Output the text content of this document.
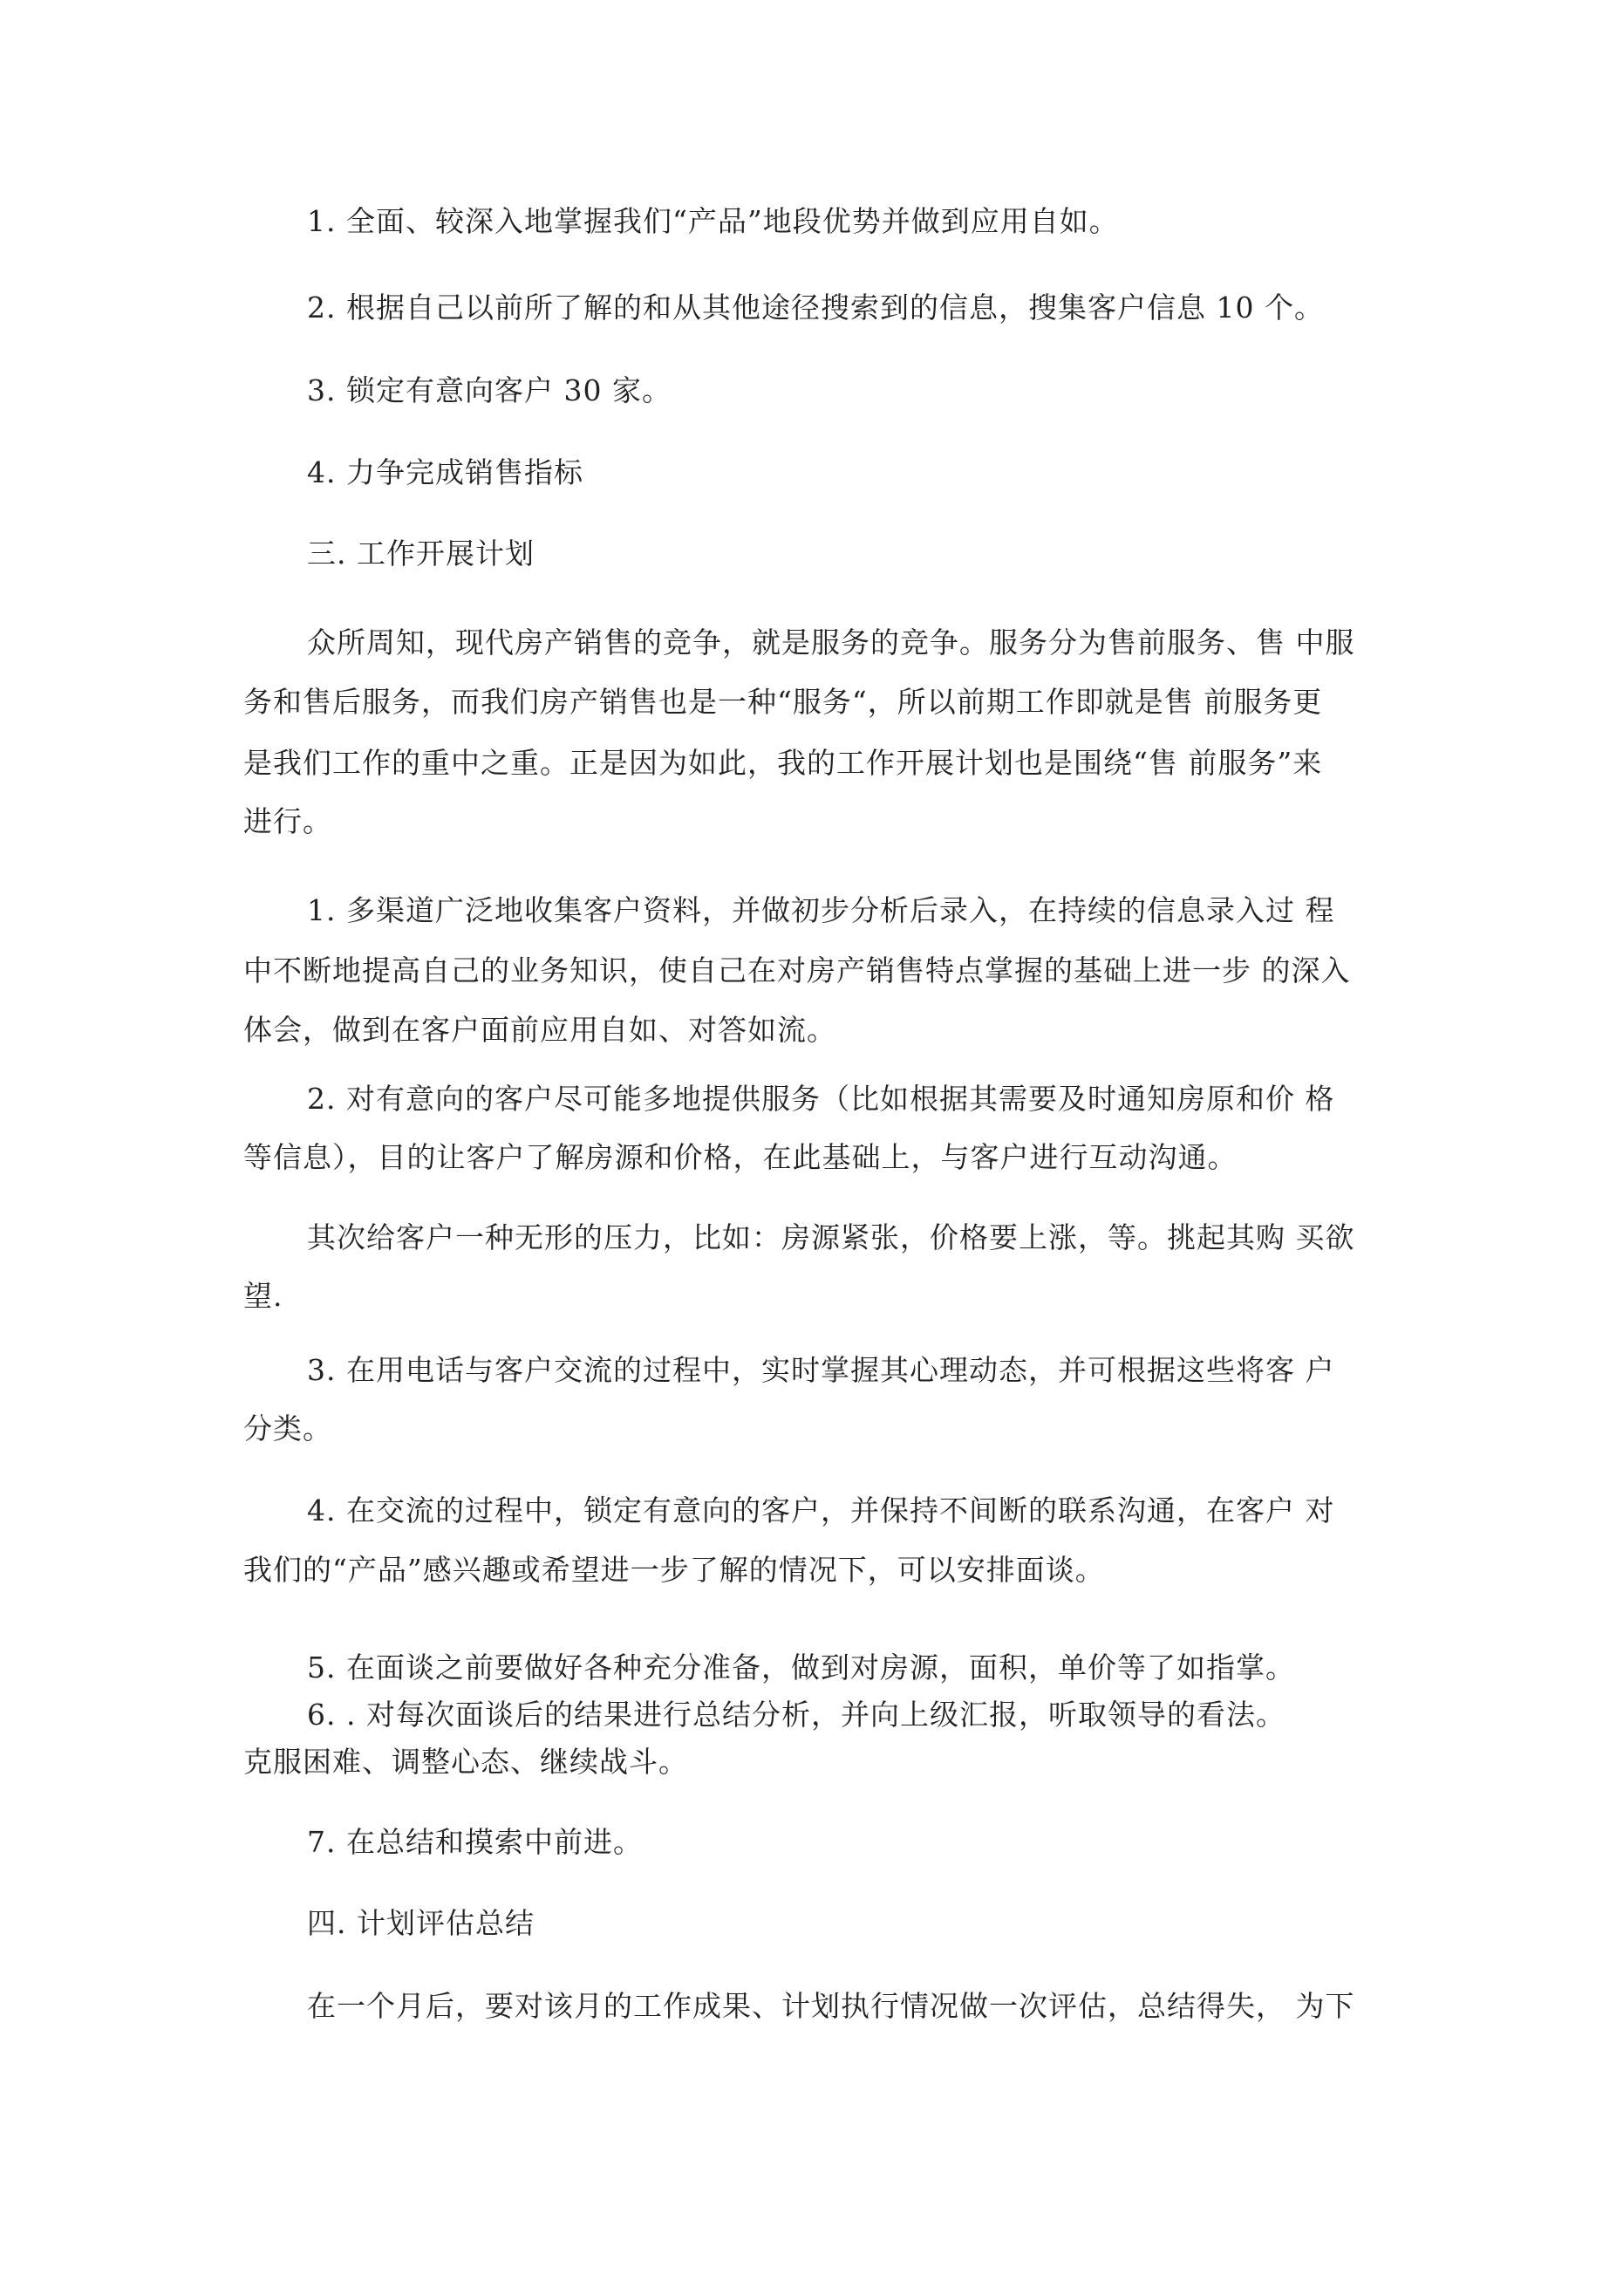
1. 全面、较深入地掌握我们“产品”地段优势并做到应用自如。
2. 根据自己以前所了解的和从其他途径搜索到的信息，搜集客户信息 10 个。
3. 锁定有意向客户 30 家。
4. 力争完成销售指标
三. 工作开展计划
众所周知，现代房产销售的竞争，就是服务的竞争。服务分为售前服务、售 中服
务和售后服务，而我们房产销售也是一种“服务“，所以前期工作即就是售 前服务更
是我们工作的重中之重。正是因为如此，我的工作开展计划也是围绕“售 前服务”来
进行。
1. 多渠道广泛地收集客户资料，并做初步分析后录入，在持续的信息录入过 程
中不断地提高自己的业务知识，使自己在对房产销售特点掌握的基础上进一步 的深入
体会，做到在客户面前应用自如、对答如流。
2. 对有意向的客户尽可能多地提供服务（比如根据其需要及时通知房原和价 格
等信息），目的让客户了解房源和价格，在此基础上，与客户进行互动沟通。
其次给客户一种无形的压力，比如：房源紧张，价格要上涨，等。挑起其购 买欲
望.
3. 在用电话与客户交流的过程中，实时掌握其心理动态，并可根据这些将客 户
分类。
4. 在交流的过程中，锁定有意向的客户，并保持不间断的联系沟通，在客户 对
我们的“产品”感兴趣或希望进一步了解的情况下，可以安排面谈。
5. 在面谈之前要做好各种充分准备，做到对房源，面积，单价等了如指掌。
6. . 对每次面谈后的结果进行总结分析，并向上级汇报，听取领导的看法。
克服困难、调整心态、继续战斗。
7. 在总结和摸索中前进。
四. 计划评估总结
在一个月后，要对该月的工作成果、计划执行情况做一次评估，总结得失， 为下
